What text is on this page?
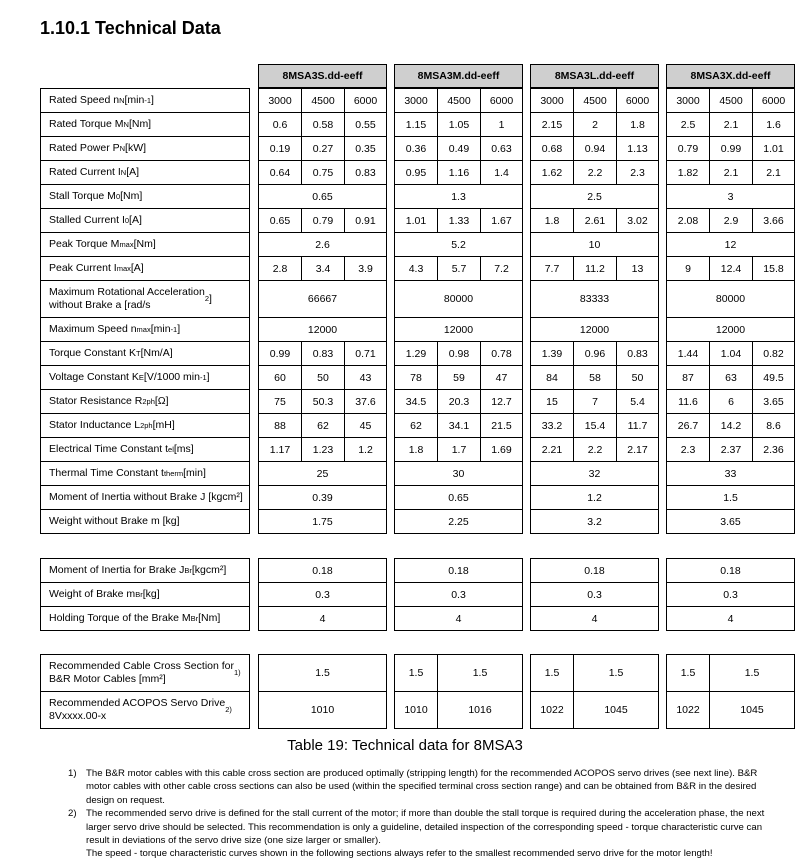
1.10.1 Technical Data
8MSA3S.dd-eeff	8MSA3M.dd-eeff	8MSA3L.dd-eeff	8MSA3X.dd-eeff
Rated Speed n N [min -1 ]	3000	4500	6000	3000	4500	6000	3000	4500	6000	3000	4500	6000
Rated Torque M N [Nm]	0.6	0.58	0.55	1.15	1.05	1	2.15	2	1.8	2.5	2.1	1.6
Rated Power P N [kW]	0.19	0.27	0.35	0.36	0.49	0.63	0.68	0.94	1.13	0.79	0.99	1.01
Rated Current I N [A]	0.64	0.75	0.83	0.95	1.16	1.4	1.62	2.2	2.3	1.82	2.1	2.1
Stall Torque M 0 [Nm]	0.65	1.3	2.5	3
Stalled Current I 0 [A]	0.65	0.79	0.91	1.01	1.33	1.67	1.8	2.61	3.02	2.08	2.9	3.66
Peak Torque M max [Nm]	2.6	5.2	10	12
Peak Current I max [A]	2.8	3.4	3.9	4.3	5.7	7.2	7.7	11.2	13	9	12.4	15.8
Maximum Rotational Acceleration
without Brake a [rad/s
2 ]	66667	80000	83333	80000
Maximum Speed n max [min -1 ]	12000	12000	12000	12000
Torque Constant K T [Nm/A]	0.99	0.83	0.71	1.29	0.98	0.78	1.39	0.96	0.83	1.44	1.04	0.82
Voltage Constant K E [V/1000 min -1 ]	60	50	43	78	59	47	84	58	50	87	63	49.5
Stator Resistance R 2ph [Ω]	75	50.3	37.6	34.5	20.3	12.7	15	7	5.4	11.6	6	3.65
Stator Inductance L 2ph [mH]	88	62	45	62	34.1	21.5	33.2	15.4	11.7	26.7	14.2	8.6
Electrical Time Constant t el [ms]	1.17	1.23	1.2	1.8	1.7	1.69	2.21	2.2	2.17	2.3	2.37	2.36
Thermal Time Constant t therm [min]	25	30	32	33
Moment of Inertia without Brake J [kgcm²]	0.39	0.65	1.2	1.5
Weight without Brake m [kg]	1.75	2.25	3.2	3.65
Moment of Inertia for Brake J Br [kgcm²]	0.18	0.18	0.18	0.18
Weight of Brake m Br [kg]	0.3	0.3	0.3	0.3
Holding Torque of the Brake M Br [Nm]	4	4	4	4
Recommended Cable Cross Section for
B&R Motor Cables [mm²]
1)	1.5	1.5	1.5	1.5	1.5	1.5	1.5
Recommended ACOPOS Servo Drive
8Vxxxx.00-x
2)	1010	1010	1016	1022	1045	1022	1045
Table 19: Technical data for 8MSA3
1) The B&R motor cables with this cable cross section are produced optimally (stripping length) for the recommended ACOPOS servo drives (see next line). B&R motor cables with other cable cross sections can also be used (within the specified terminal cross section range) and can be obtained from B&R in the desired design on request.
2) The recommended servo drive is defined for the stall current of the motor; if more than double the stall torque is required during the acceleration phase, the next larger servo drive should be selected. This recommendation is only a guideline, detailed inspection of the corresponding speed - torque characteristic curve can result in deviations of the servo drive size (one size larger or smaller).
The speed - torque characteristic curves shown in the following sections always refer to the smallest recommended servo drive for the motor length!
